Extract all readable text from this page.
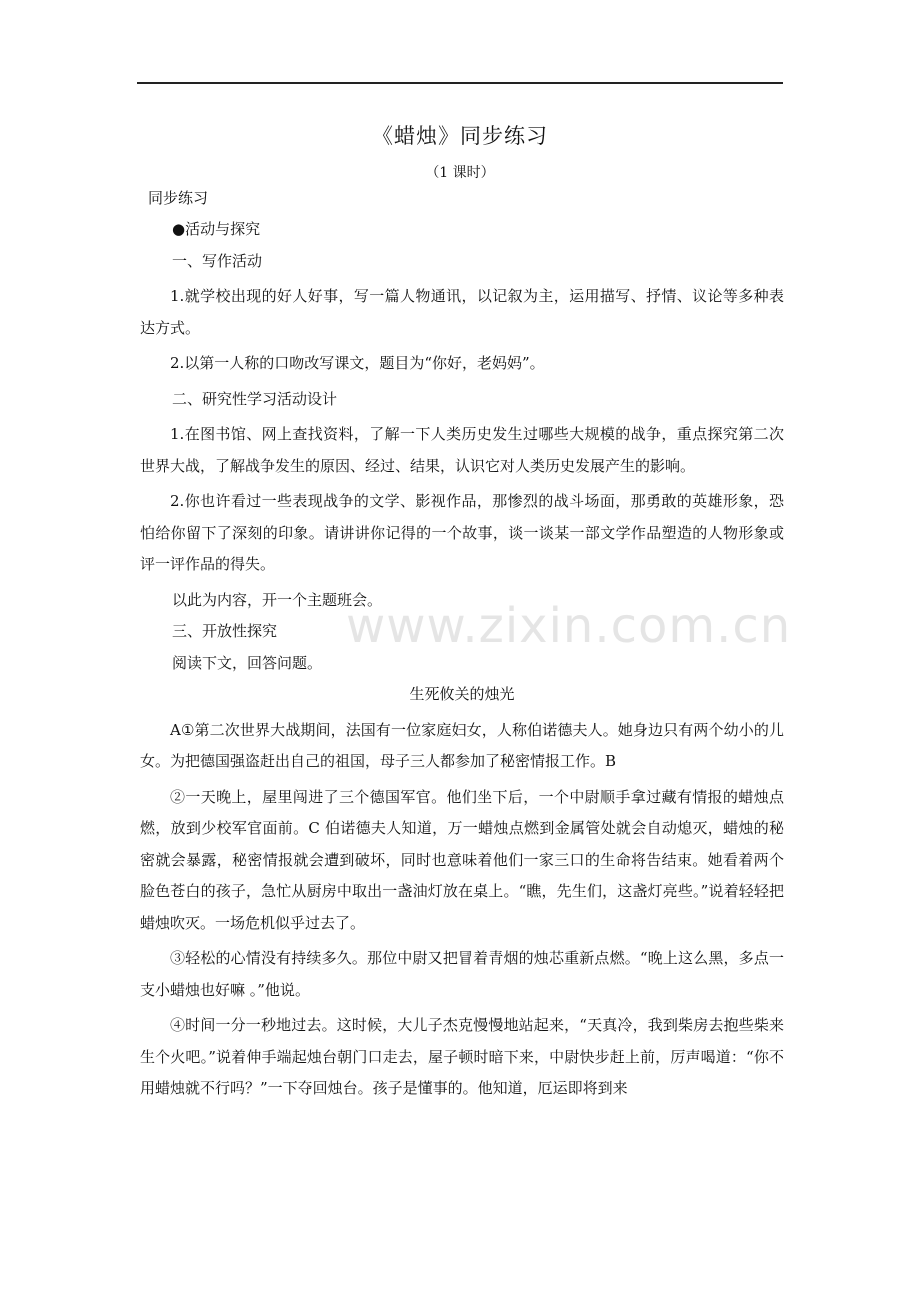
《蜡烛》同步练习
（1 课时）
同步练习
●活动与探究
一、写作活动
1.就学校出现的好人好事，写一篇人物通讯，以记叙为主，运用描写、抒情、议论等多种表达方式。
2.以第一人称的口吻改写课文，题目为“你好，老妈妈”。
二、研究性学习活动设计
1.在图书馆、网上查找资料，了解一下人类历史发生过哪些大规模的战争，重点探究第二次世界大战，了解战争发生的原因、经过、结果，认识它对人类历史发展产生的影响。
2.你也许看过一些表现战争的文学、影视作品，那惨烈的战斗场面，那勇敢的英雄形象，恐怕给你留下了深刻的印象。请讲讲你记得的一个故事，谈一谈某一部文学作品塑造的人物形象或评一评作品的得失。
以此为内容，开一个主题班会。
三、开放性探究
阅读下文，回答问题。
生死攸关的烛光
A①第二次世界大战期间，法国有一位家庭妇女，人称伯诺德夫人。她身边只有两个幼小的儿女。为把德国强盗赶出自己的祖国，母子三人都参加了秘密情报工作。B
②一天晚上，屋里闯进了三个德国军官。他们坐下后，一个中尉顺手拿过藏有情报的蜡烛点燃，放到少校军官面前。C 伯诺德夫人知道，万一蜡烛点燃到金属管处就会自动熄灭，蜡烛的秘密就会暴露，秘密情报就会遭到破坏，同时也意味着他们一家三口的生命将告结束。她看着两个脸色苍白的孩子，急忙从厨房中取出一盏油灯放在桌上。“瞧，先生们，这盏灯亮些。”说着轻轻把蜡烛吹灭。一场危机似乎过去了。
③轻松的心情没有持续多久。那位中尉又把冒着青烟的烛芯重新点燃。“晚上这么黑，多点一支小蜡烛也好嘛 。”他说。
④时间一分一秒地过去。这时候，大儿子杰克慢慢地站起来，“天真冷，我到柴房去抱些柴来生个火吧。”说着伸手端起烛台朝门口走去，屋子顿时暗下来，中尉快步赶上前，厉声喝道：“你不用蜡烛就不行吗？”一下夺回烛台。孩子是懂事的。他知道，厄运即将到来
www.zixin.com.cn
